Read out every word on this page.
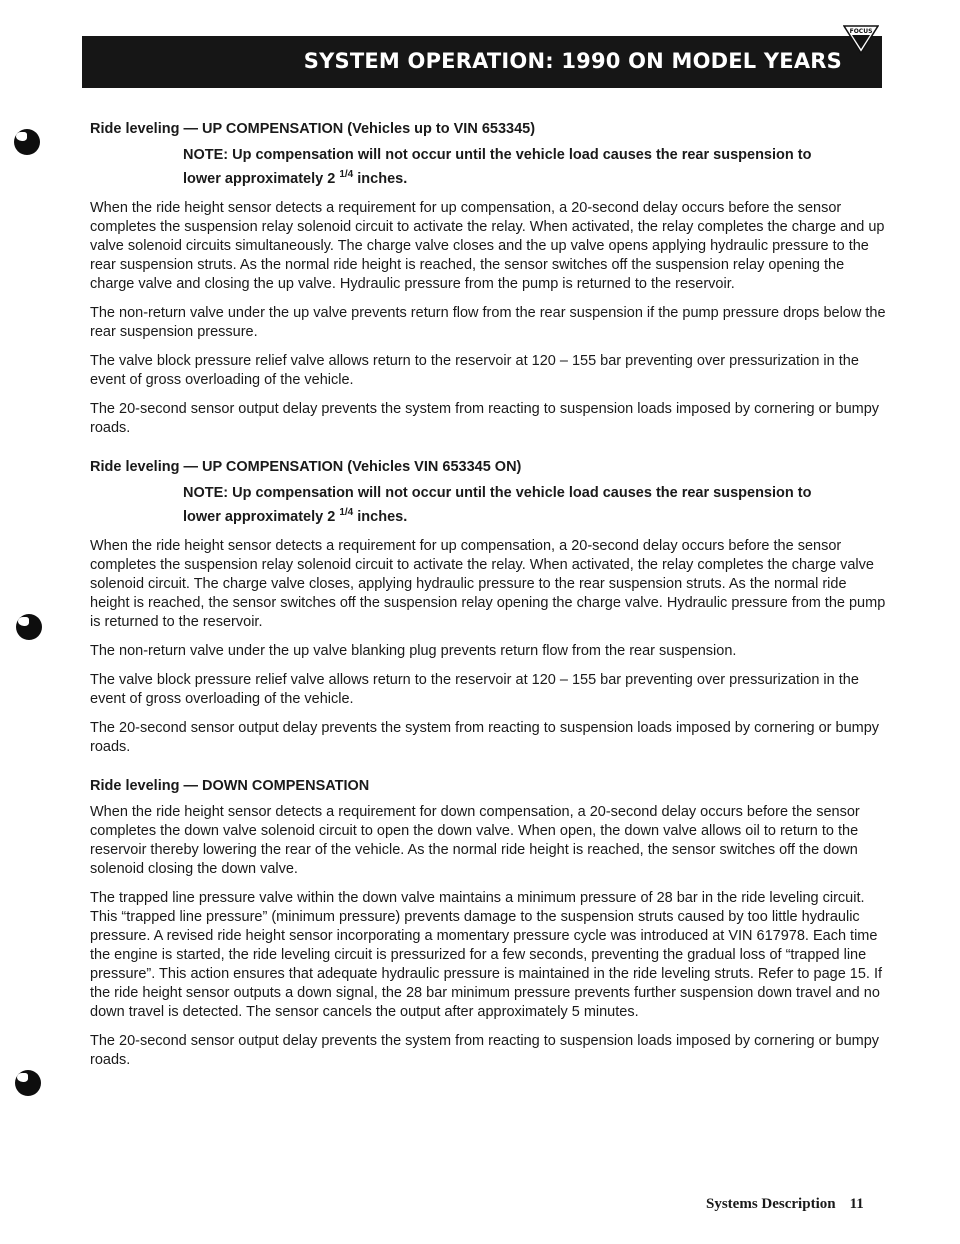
SYSTEM OPERATION: 1990 ON MODEL YEARS
FOCUS
Ride leveling — UP COMPENSATION (Vehicles up to VIN 653345)
NOTE: Up compensation will not occur until the vehicle load causes the rear suspension to
lower approximately 2 $^{1/4}$ inches.

When the ride height sensor detects a requirement for up compensation, a 20-second delay occurs before the sensor completes the suspension relay solenoid circuit to activate the relay. When activated, the relay completes the charge and up valve solenoid circuits simultaneously. The charge valve closes and the up valve opens applying hydraulic pressure to the rear suspension struts. As the normal ride height is reached, the sensor switches off the suspension relay opening the charge valve and closing the up valve. Hydraulic pressure from the pump is returned to the reservoir.

The non-return valve under the up valve prevents return flow from the rear suspension if the pump pressure drops below the rear suspension pressure.

The valve block pressure relief valve allows return to the reservoir at 120 – 155 bar preventing over pressurization in the event of gross overloading of the vehicle.

The 20-second sensor output delay prevents the system from reacting to suspension loads imposed by cornering or bumpy roads.

Ride leveling — UP COMPENSATION (Vehicles VIN 653345 ON)
NOTE: Up compensation will not occur until the vehicle load causes the rear suspension to
lower approximately 2 $^{1/4}$ inches.

When the ride height sensor detects a requirement for up compensation, a 20-second delay occurs before the sensor completes the suspension relay solenoid circuit to activate the relay. When activated, the relay completes the charge valve solenoid circuit. The charge valve closes, applying hydraulic pressure to the rear suspension struts. As the normal ride height is reached, the sensor switches off the suspension relay opening the charge valve. Hydraulic pressure from the pump is returned to the reservoir.

The non-return valve under the up valve blanking plug prevents return flow from the rear suspension.

The valve block pressure relief valve allows return to the reservoir at 120 – 155 bar preventing over pressurization in the event of gross overloading of the vehicle.

The 20-second sensor output delay prevents the system from reacting to suspension loads imposed by cornering or bumpy roads.

Ride leveling — DOWN COMPENSATION

When the ride height sensor detects a requirement for down compensation, a 20-second delay occurs before the sensor completes the down valve solenoid circuit to open the down valve. When open, the down valve allows oil to return to the reservoir thereby lowering the rear of the vehicle. As the normal ride height is reached, the sensor switches off the down solenoid closing the down valve.

The trapped line pressure valve within the down valve maintains a minimum pressure of 28 bar in the ride leveling circuit. This “trapped line pressure” (minimum pressure) prevents damage to the suspension struts caused by too little hydraulic pressure. A revised ride height sensor incorporating a momentary pressure cycle was introduced at VIN 617978. Each time the engine is started, the ride leveling circuit is pressurized for a few seconds, preventing the gradual loss of “trapped line pressure”. This action ensures that adequate hydraulic pressure is maintained in the ride leveling struts. Refer to page 15. If the ride height sensor outputs a down signal, the 28 bar minimum pressure prevents further suspension down travel and no down travel is detected. The sensor cancels the output after approximately 5 minutes.

The 20-second sensor output delay prevents the system from reacting to suspension loads imposed by cornering or bumpy roads.

Systems Description 11
